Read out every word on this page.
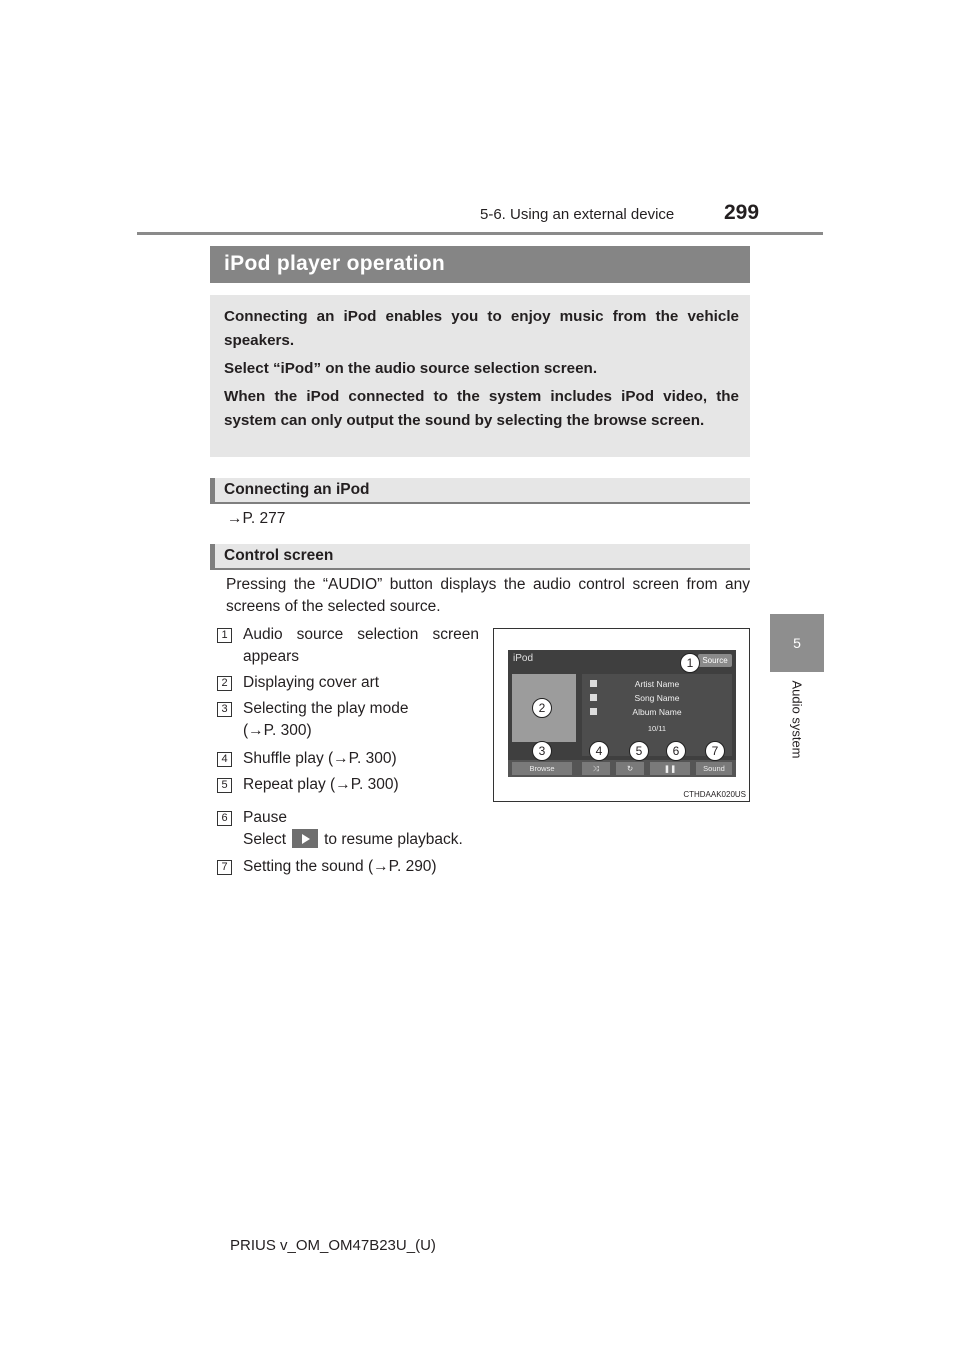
5-6. Using an external device 299
5
Audio system
iPod player operation

Connecting an iPod enables you to enjoy music from the vehicle speakers.

Select “iPod” on the audio source selection screen.

When the iPod connected to the system includes iPod video, the system can only output the sound by selecting the browse screen.

Connecting an iPod
→P. 277
Control screen
Pressing the “AUDIO” button displays the audio control screen from any screens of the selected source.
1 Audio source selection screen
appears
2 Displaying cover art
3 Selecting the play mode
(→P. 300)
4 Shuffle play (→P. 300)
5 Repeat play (→P. 300)
6 Pause
Select to resume playback.
7 Setting the sound (→P. 290)
iPod	Source
Artist Name
Song Name
Album Name
10/11
Browse	⤨	↻	❚❚	Sound
1
2
3	4	5	6	7
CTHDAAK020US
PRIUS v_OM_OM47B23U_(U)
